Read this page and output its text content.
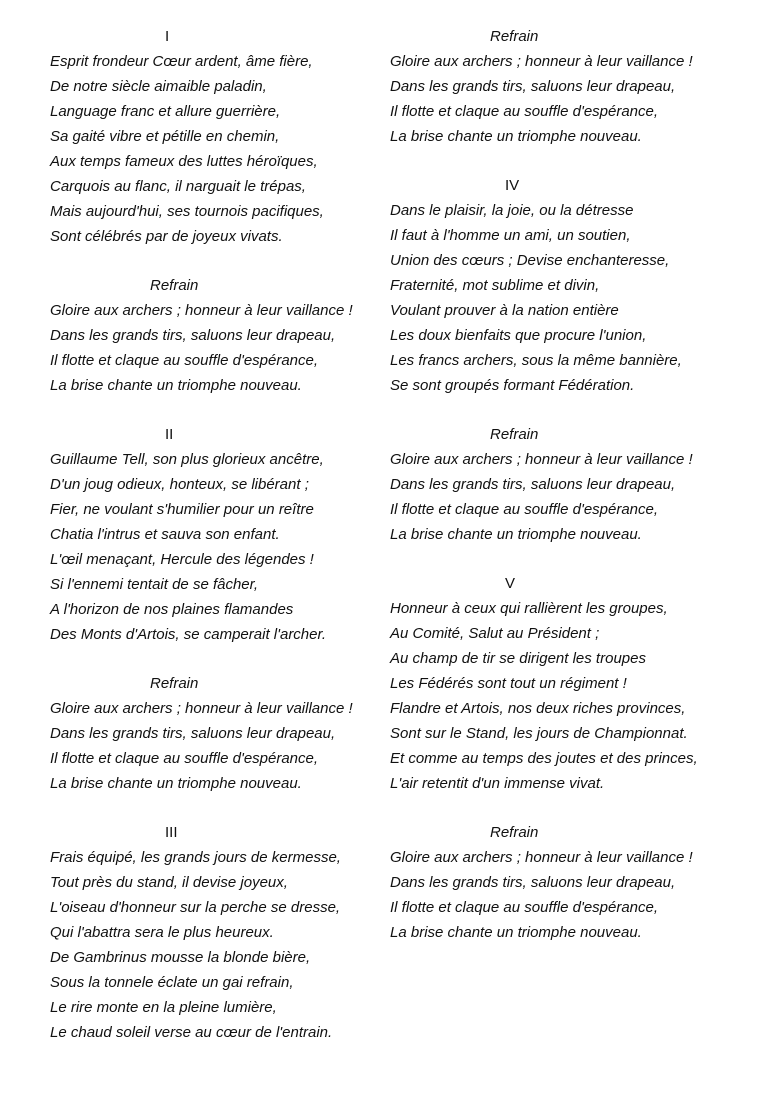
I
Esprit frondeur Cœur ardent, âme fière,
De notre siècle aimaible paladin,
Language franc et allure guerrière,
Sa gaité vibre et pétille en chemin,
Aux temps fameux des luttes héroïques,
Carquois au flanc, il narguait le trépas,
Mais aujourd'hui, ses tournois pacifiques,
Sont célébrés par de joyeux vivats.
Refrain
Gloire aux archers ; honneur à leur vaillance !
Dans les grands tirs, saluons leur drapeau,
Il flotte et claque au souffle d'espérance,
La brise chante un triomphe nouveau.
II
Guillaume Tell, son plus glorieux ancêtre,
D'un joug odieux, honteux, se libérant ;
Fier, ne voulant s'humilier pour un reître
Chatia l'intrus et sauva son enfant.
L'œil menaçant, Hercule des légendes !
Si l'ennemi tentait de se fâcher,
A l'horizon de nos plaines flamandes
Des Monts d'Artois, se camperait l'archer.
Refrain
Gloire aux archers ; honneur à leur vaillance !
Dans les grands tirs, saluons leur drapeau,
Il flotte et claque au souffle d'espérance,
La brise chante un triomphe nouveau.
III
Frais équipé, les grands jours de kermesse,
Tout près du stand, il devise joyeux,
L'oiseau d'honneur sur la perche se dresse,
Qui l'abattra sera le plus heureux.
De Gambrinus mousse la blonde bière,
Sous la tonnele éclate un gai refrain,
Le rire monte en la pleine lumière,
Le chaud soleil verse au cœur de l'entrain.
Refrain
Gloire aux archers ; honneur à leur vaillance !
Dans les grands tirs, saluons leur drapeau,
Il flotte et claque au souffle d'espérance,
La brise chante un triomphe nouveau.
IV
Dans le plaisir, la joie, ou la détresse
Il faut à l'homme un ami, un soutien,
Union des cœurs ; Devise enchanteresse,
Fraternité, mot sublime et divin,
Voulant prouver à la nation entière
Les doux bienfaits que procure l'union,
Les francs archers, sous la même bannière,
Se sont groupés formant Fédération.
Refrain
Gloire aux archers ; honneur à leur vaillance !
Dans les grands tirs, saluons leur drapeau,
Il flotte et claque au souffle d'espérance,
La brise chante un triomphe nouveau.
V
Honneur à ceux qui rallièrent les groupes,
Au Comité, Salut au Président ;
Au champ de tir se dirigent les troupes
Les Fédérés sont tout un régiment !
Flandre et Artois, nos deux riches provinces,
Sont sur le Stand, les jours de Championnat.
Et comme au temps des joutes et des princes,
L'air retentit d'un immense vivat.
Refrain
Gloire aux archers ; honneur à leur vaillance !
Dans les grands tirs, saluons leur drapeau,
Il flotte et claque au souffle d'espérance,
La brise chante un triomphe nouveau.
